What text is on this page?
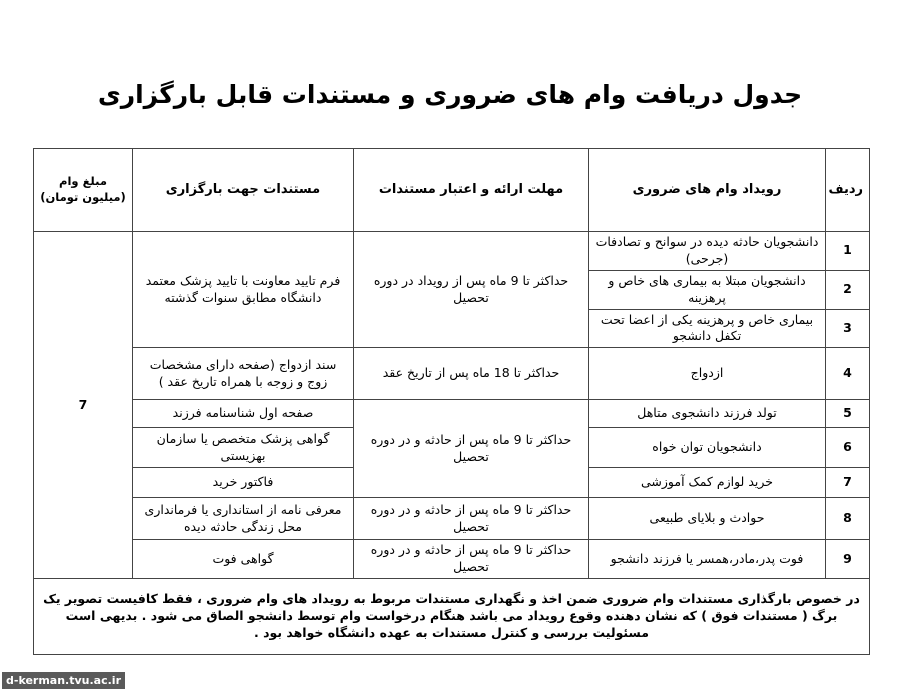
جدول دریافت وام های ضروری و مستندات قابل بارگزاری
ردیف	رویداد وام های ضروری	مهلت ارائه و اعتبار مستندات	مستندات جهت بارگزاری	مبلغ وام (میلیون تومان)
1	دانشجویان حادثه دیده در سوانح و تصادفات (جرحی)	حداکثر تا 9 ماه پس از رویداد در دوره تحصیل	فرم تایید معاونت با تایید پزشک معتمد دانشگاه مطابق سنوات گذشته	7
2	دانشجویان مبتلا به بیماری های خاص و پرهزینه			
3	بیماری خاص و پرهزینه یکی از اعضا تحت تکفل دانشجو			
4	ازدواج	حداکثر تا 18 ماه پس از تاریخ عقد	سند ازدواج (صفحه دارای مشخصات زوج و زوجه با همراه تاریخ عقد )	
5	تولد فرزند دانشجوی متاهل	حداکثر تا 9 ماه پس از حادثه و در دوره تحصیل	صفحه اول شناسنامه فرزند	
6	دانشجویان توان خواه		گواهی پزشک متخصص یا سازمان بهزیستی	
7	خرید لوازم کمک آموزشی		فاکتور خرید	
8	حوادث و بلایای طبیعی	حداکثر تا 9 ماه پس از حادثه و در دوره تحصیل	معرفی نامه از استانداری یا فرمانداری محل زندگی حادثه دیده	
9	فوت پدر،مادر،همسر یا فرزند دانشجو	حداکثر تا 9 ماه پس از حادثه و در دوره تحصیل	گواهی فوت	
در خصوص بارگذاری مستندات وام ضروری ضمن اخذ و نگهداری مستندات مربوط به رویداد های وام ضروری ، فقط کافیست تصویر یک برگ ( مستندات فوق ) که نشان دهنده وقوع رویداد می باشد هنگام درخواست وام توسط دانشجو الصاق می شود . بدیهی است مسئولیت بررسی و کنترل مستندات به عهده دانشگاه خواهد بود .				
d-kerman.tvu.ac.ir
